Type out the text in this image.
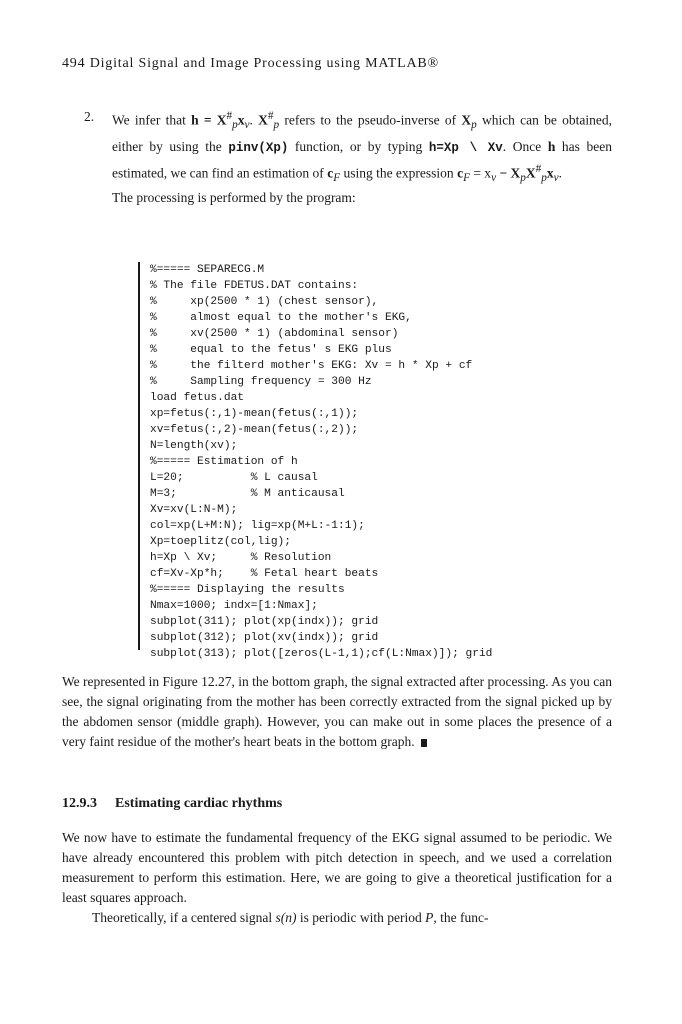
494 Digital Signal and Image Processing using MATLAB®
2. We infer that $h = X^{\#}_px_v$. $X^{\#}_p$ refers to the pseudo-inverse of $X_p$ which can be obtained, either by using the pinv(Xp) function, or by typing h=Xp \ Xv. Once h has been estimated, we can find an estimation of $c_F$ using the expression $c_F = x_v - X_pX^{\#}_px_v$.
The processing is performed by the program:
%===== SEPARECG.M
% The file FDETUS.DAT contains:
%     xp(2500 * 1) (chest sensor),
%     almost equal to the mother's EKG,
%     xv(2500 * 1) (abdominal sensor)
%     equal to the fetus' s EKG plus
%     the filterd mother's EKG: Xv = h * Xp + cf
%     Sampling frequency = 300 Hz
load fetus.dat
xp=fetus(:,1)-mean(fetus(:,1));
xv=fetus(:,2)-mean(fetus(:,2));
N=length(xv);
%===== Estimation of h
L=20;          % L causal
M=3;           % M anticausal
Xv=xv(L:N-M);
col=xp(L+M:N); lig=xp(M+L:-1:1);
Xp=toeplitz(col,lig);
h=Xp \ Xv;     % Resolution
cf=Xv-Xp*h;    % Fetal heart beats
%===== Displaying the results
Nmax=1000; indx=[1:Nmax];
subplot(311); plot(xp(indx)); grid
subplot(312); plot(xv(indx)); grid
subplot(313); plot([zeros(L-1,1);cf(L:Nmax)]); grid
We represented in Figure 12.27, in the bottom graph, the signal extracted after processing. As you can see, the signal originating from the mother has been correctly extracted from the signal picked up by the abdomen sensor (middle graph). However, you can make out in some places the presence of a very faint residue of the mother's heart beats in the bottom graph.
12.9.3 Estimating cardiac rhythms
We now have to estimate the fundamental frequency of the EKG signal assumed to be periodic. We have already encountered this problem with pitch detection in speech, and we used a correlation measurement to perform this estimation. Here, we are going to give a theoretical justification for a least squares approach.
Theoretically, if a centered signal s(n) is periodic with period P, the func-
